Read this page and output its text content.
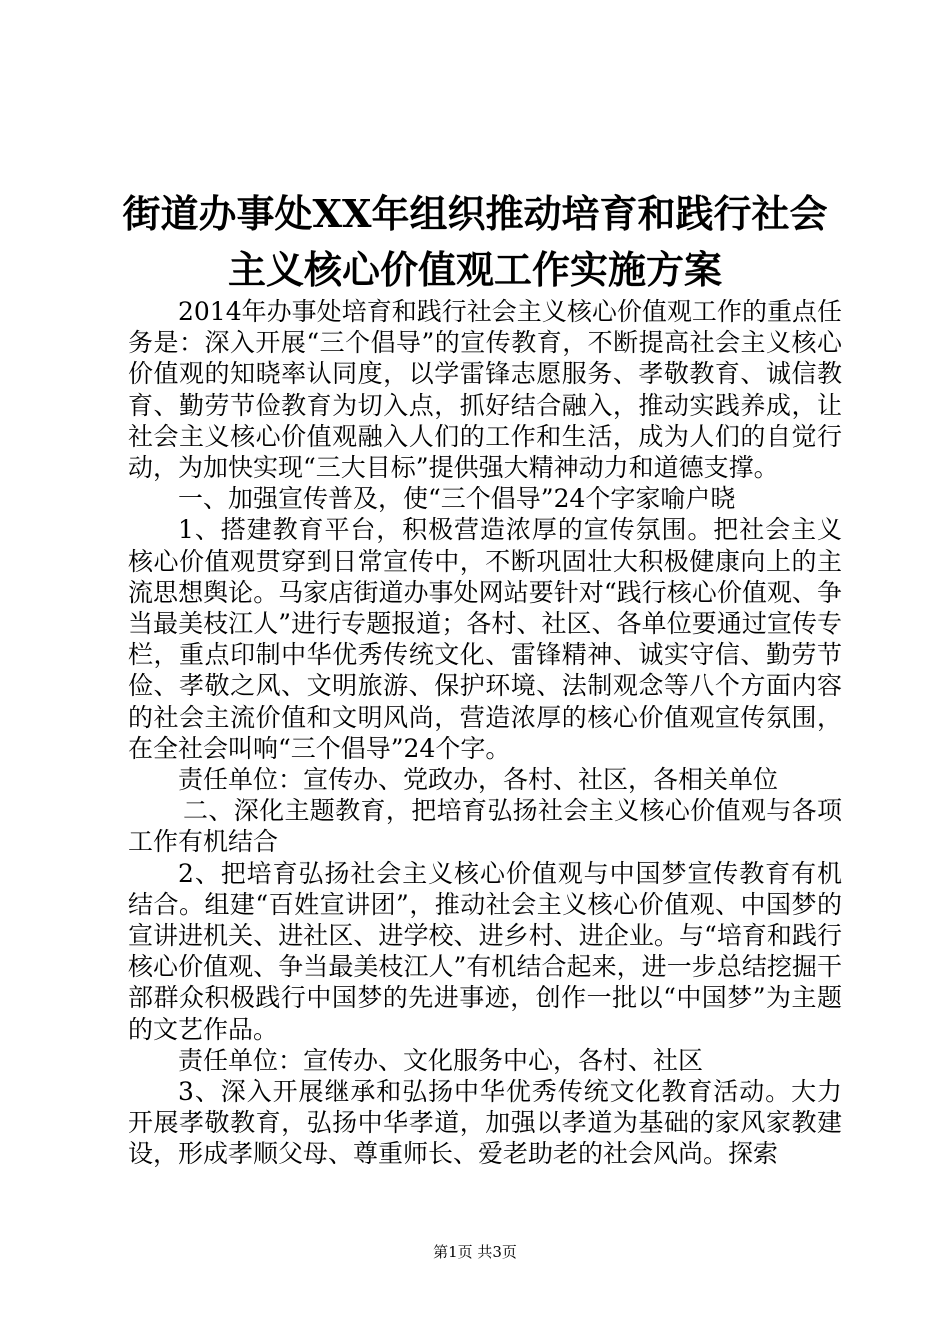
街道办事处XX年组织推动培育和践行社会主义核心价值观工作实施方案

2014年办事处培育和践行社会主义核心价值观工作的重点任务是：深入开展“三个倡导”的宣传教育，不断提高社会主义核心价值观的知晓率认同度，以学雷锋志愿服务、孝敬教育、诚信教育、勤劳节俭教育为切入点，抓好结合融入，推动实践养成，让社会主义核心价值观融入人们的工作和生活，成为人们的自觉行动，为加快实现“三大目标”提供强大精神动力和道德支撑。

一、加强宣传普及，使“三个倡导”24个字家喻户晓

1、搭建教育平台，积极营造浓厚的宣传氛围。把社会主义核心价值观贯穿到日常宣传中，不断巩固壮大积极健康向上的主流思想舆论。马家店街道办事处网站要针对“践行核心价值观、争当最美枝江人”进行专题报道；各村、社区、各单位要通过宣传专栏，重点印制中华优秀传统文化、雷锋精神、诚实守信、勤劳节俭、孝敬之风、文明旅游、保护环境、法制观念等八个方面内容的社会主流价值和文明风尚，营造浓厚的核心价值观宣传氛围，在全社会叫响“三个倡导”24个字。

责任单位：宣传办、党政办，各村、社区，各相关单位

二、深化主题教育，把培育弘扬社会主义核心价值观与各项工作有机结合

2、把培育弘扬社会主义核心价值观与中国梦宣传教育有机结合。组建“百姓宣讲团”，推动社会主义核心价值观、中国梦的宣讲进机关、进社区、进学校、进乡村、进企业。与“培育和践行核心价值观、争当最美枝江人”有机结合起来，进一步总结挖掘干部群众积极践行中国梦的先进事迹，创作一批以“中国梦”为主题的文艺作品。

责任单位：宣传办、文化服务中心，各村、社区

3、深入开展继承和弘扬中华优秀传统文化教育活动。大力开展孝敬教育，弘扬中华孝道，加强以孝道为基础的家风家教建设，形成孝顺父母、尊重师长、爱老助老的社会风尚。探索

第1页 共3页
